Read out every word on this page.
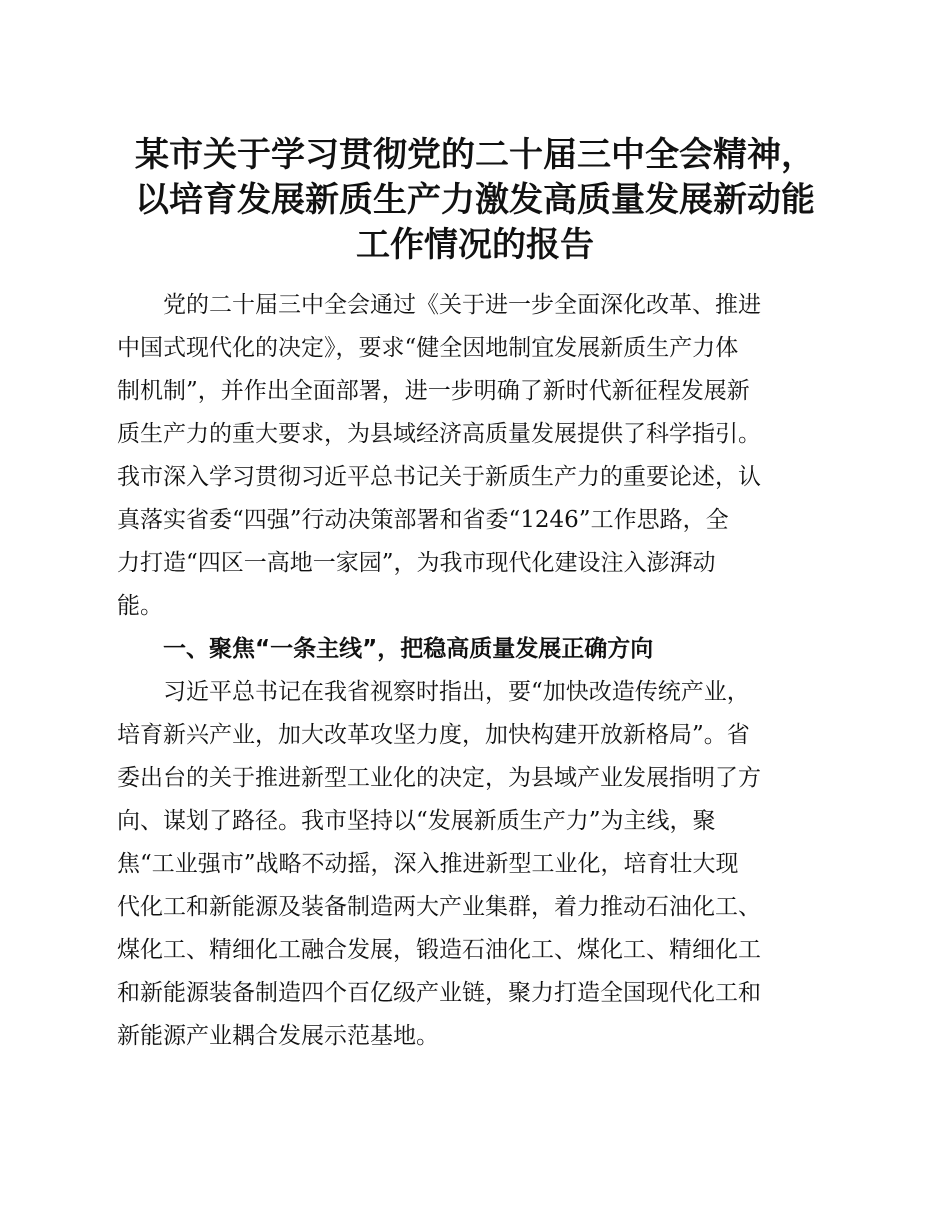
某市关于学习贯彻党的二十届三中全会精神，
以培育发展新质生产力激发高质量发展新动能
工作情况的报告
党的二十届三中全会通过《关于进一步全面深化改革、推进
中国式现代化的决定》，要求“健全因地制宜发展新质生产力体
制机制”，并作出全面部署，进一步明确了新时代新征程发展新
质生产力的重大要求，为县域经济高质量发展提供了科学指引。
我市深入学习贯彻习近平总书记关于新质生产力的重要论述，认
真落实省委“四强”行动决策部署和省委“1246”工作思路，全
力打造“四区一高地一家园”，为我市现代化建设注入澎湃动
能。
一、聚焦“一条主线”，把稳高质量发展正确方向
习近平总书记在我省视察时指出，要“加快改造传统产业，
培育新兴产业，加大改革攻坚力度，加快构建开放新格局”。省
委出台的关于推进新型工业化的决定，为县域产业发展指明了方
向、谋划了路径。我市坚持以“发展新质生产力”为主线，聚
焦“工业强市”战略不动摇，深入推进新型工业化，培育壮大现
代化工和新能源及装备制造两大产业集群，着力推动石油化工、
煤化工、精细化工融合发展，锻造石油化工、煤化工、精细化工
和新能源装备制造四个百亿级产业链，聚力打造全国现代化工和
新能源产业耦合发展示范基地。
